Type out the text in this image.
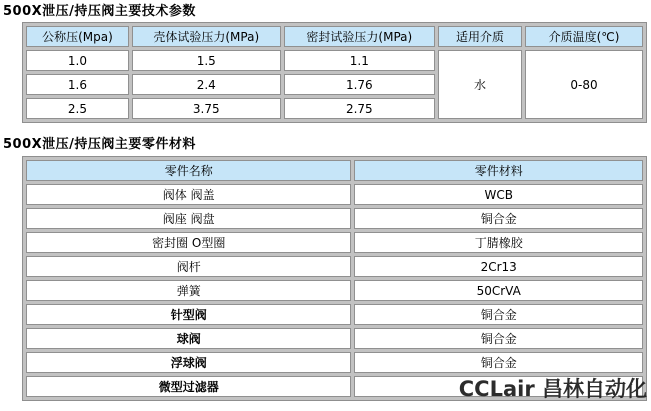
500X泄压/持压阀主要技术参数
公称压(Mpa)	壳体试验压力(MPa)	密封试验压力(MPa)	适用介质	介质温度(℃)
1.0	1.5	1.1	水	0-80
1.6	2.4	1.76		
2.5	3.75	2.75		
500X泄压/持压阀主要零件材料
零件名称	零件材料
阀体 阀盖	WCB
阀座 阀盘	铜合金
密封圈 O型圈	丁腈橡胶
阀杆	2Cr13
弹簧	50CrVA
针型阀	铜合金
球阀	铜合金
浮球阀	铜合金
微型过滤器		CCLair 昌林自动化
